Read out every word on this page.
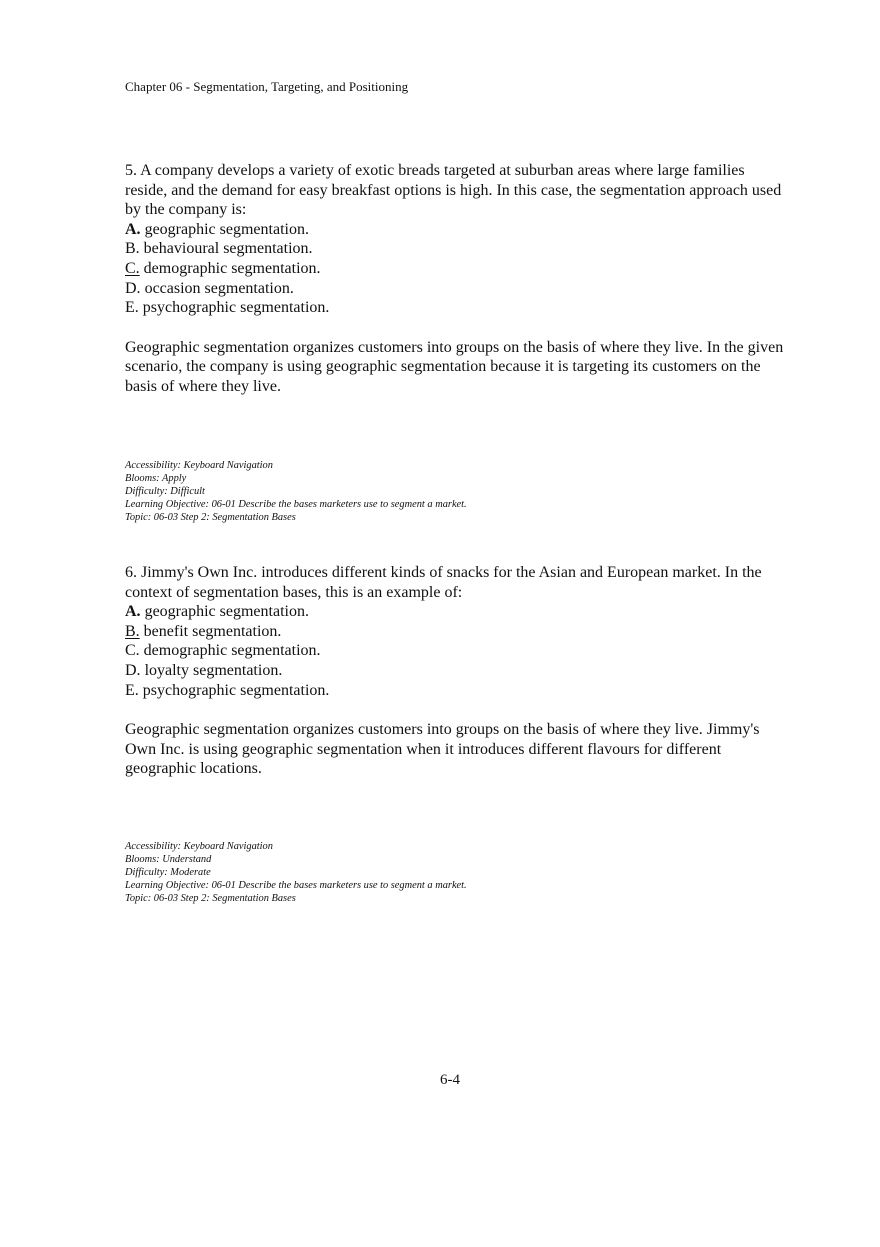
Chapter 06 - Segmentation, Targeting, and Positioning

5. A company develops a variety of exotic breads targeted at suburban areas where large families reside, and the demand for easy breakfast options is high. In this case, the segmentation approach used by the company is:

A. geographic segmentation.
B. behavioural segmentation.
C. demographic segmentation.
D. occasion segmentation.
E. psychographic segmentation.

Geographic segmentation organizes customers into groups on the basis of where they live. In the given scenario, the company is using geographic segmentation because it is targeting its customers on the basis of where they live.

Accessibility: Keyboard Navigation
Blooms: Apply
Difficulty: Difficult
Learning Objective: 06-01 Describe the bases marketers use to segment a market.
Topic: 06-03 Step 2: Segmentation Bases

6. Jimmy's Own Inc. introduces different kinds of snacks for the Asian and European market. In the context of segmentation bases, this is an example of:

A. geographic segmentation.
B. benefit segmentation.
C. demographic segmentation.
D. loyalty segmentation.
E. psychographic segmentation.

Geographic segmentation organizes customers into groups on the basis of where they live. Jimmy's Own Inc. is using geographic segmentation when it introduces different flavours for different geographic locations.

Accessibility: Keyboard Navigation
Blooms: Understand
Difficulty: Moderate
Learning Objective: 06-01 Describe the bases marketers use to segment a market.
Topic: 06-03 Step 2: Segmentation Bases
6-4
